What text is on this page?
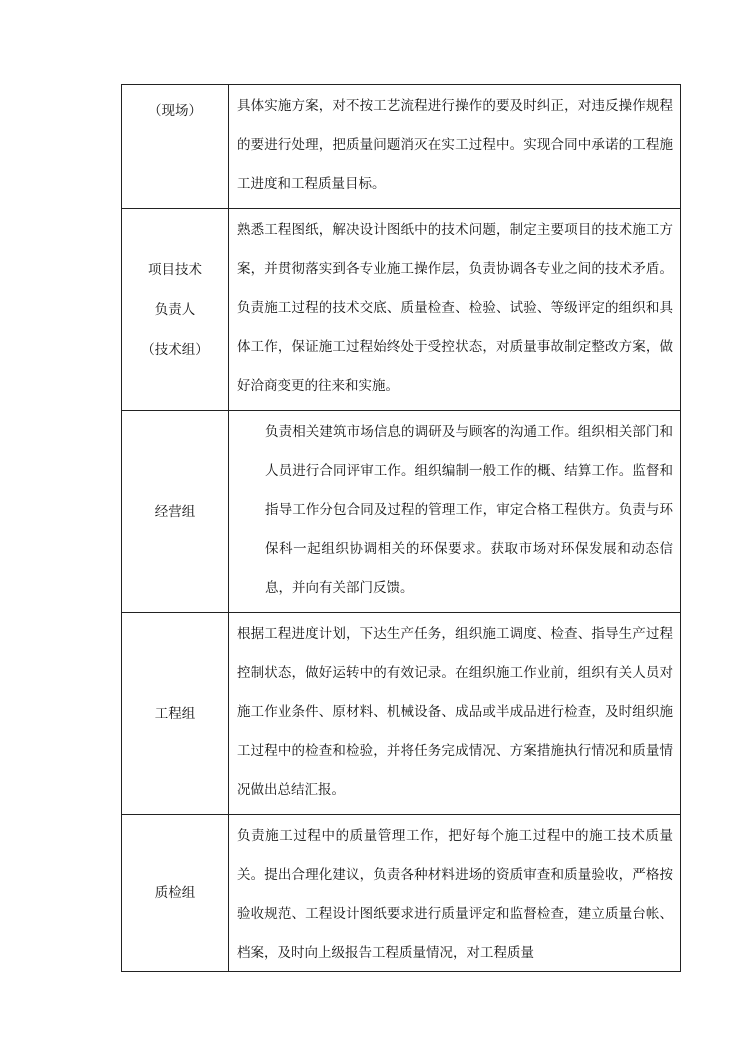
（现场）	具体实施方案，对不按工艺流程进行操作的要及时纠正，对违反操作规程的要进行处理，把质量问题消灭在实工过程中。实现合同中承诺的工程施工进度和工程质量目标。

项目技术
负责人
（技术组）	熟悉工程图纸，解决设计图纸中的技术问题，制定主要项目的技术施工方案，并贯彻落实到各专业施工操作层，负责协调各专业之间的技术矛盾。负责施工过程的技术交底、质量检查、检验、试验、等级评定的组织和具体工作，保证施工过程始终处于受控状态，对质量事故制定整改方案，做好洽商变更的往来和实施。

经营组	负责相关建筑市场信息的调研及与顾客的沟通工作。组织相关部门和人员进行合同评审工作。组织编制一般工作的概、结算工作。监督和指导工作分包合同及过程的管理工作，审定合格工程供方。负责与环保科一起组织协调相关的环保要求。获取市场对环保发展和动态信息，并向有关部门反馈。

工程组	根据工程进度计划，下达生产任务，组织施工调度、检查、指导生产过程控制状态，做好运转中的有效记录。在组织施工作业前，组织有关人员对施工作业条件、原材料、机械设备、成品或半成品进行检查，及时组织施工过程中的检查和检验，并将任务完成情况、方案措施执行情况和质量情况做出总结汇报。

质检组	负责施工过程中的质量管理工作，把好每个施工过程中的施工技术质量关。提出合理化建议，负责各种材料进场的资质审查和质量验收，严格按验收规范、工程设计图纸要求进行质量评定和监督检查，建立质量台帐、档案，及时向上级报告工程质量情况，对工程质量
